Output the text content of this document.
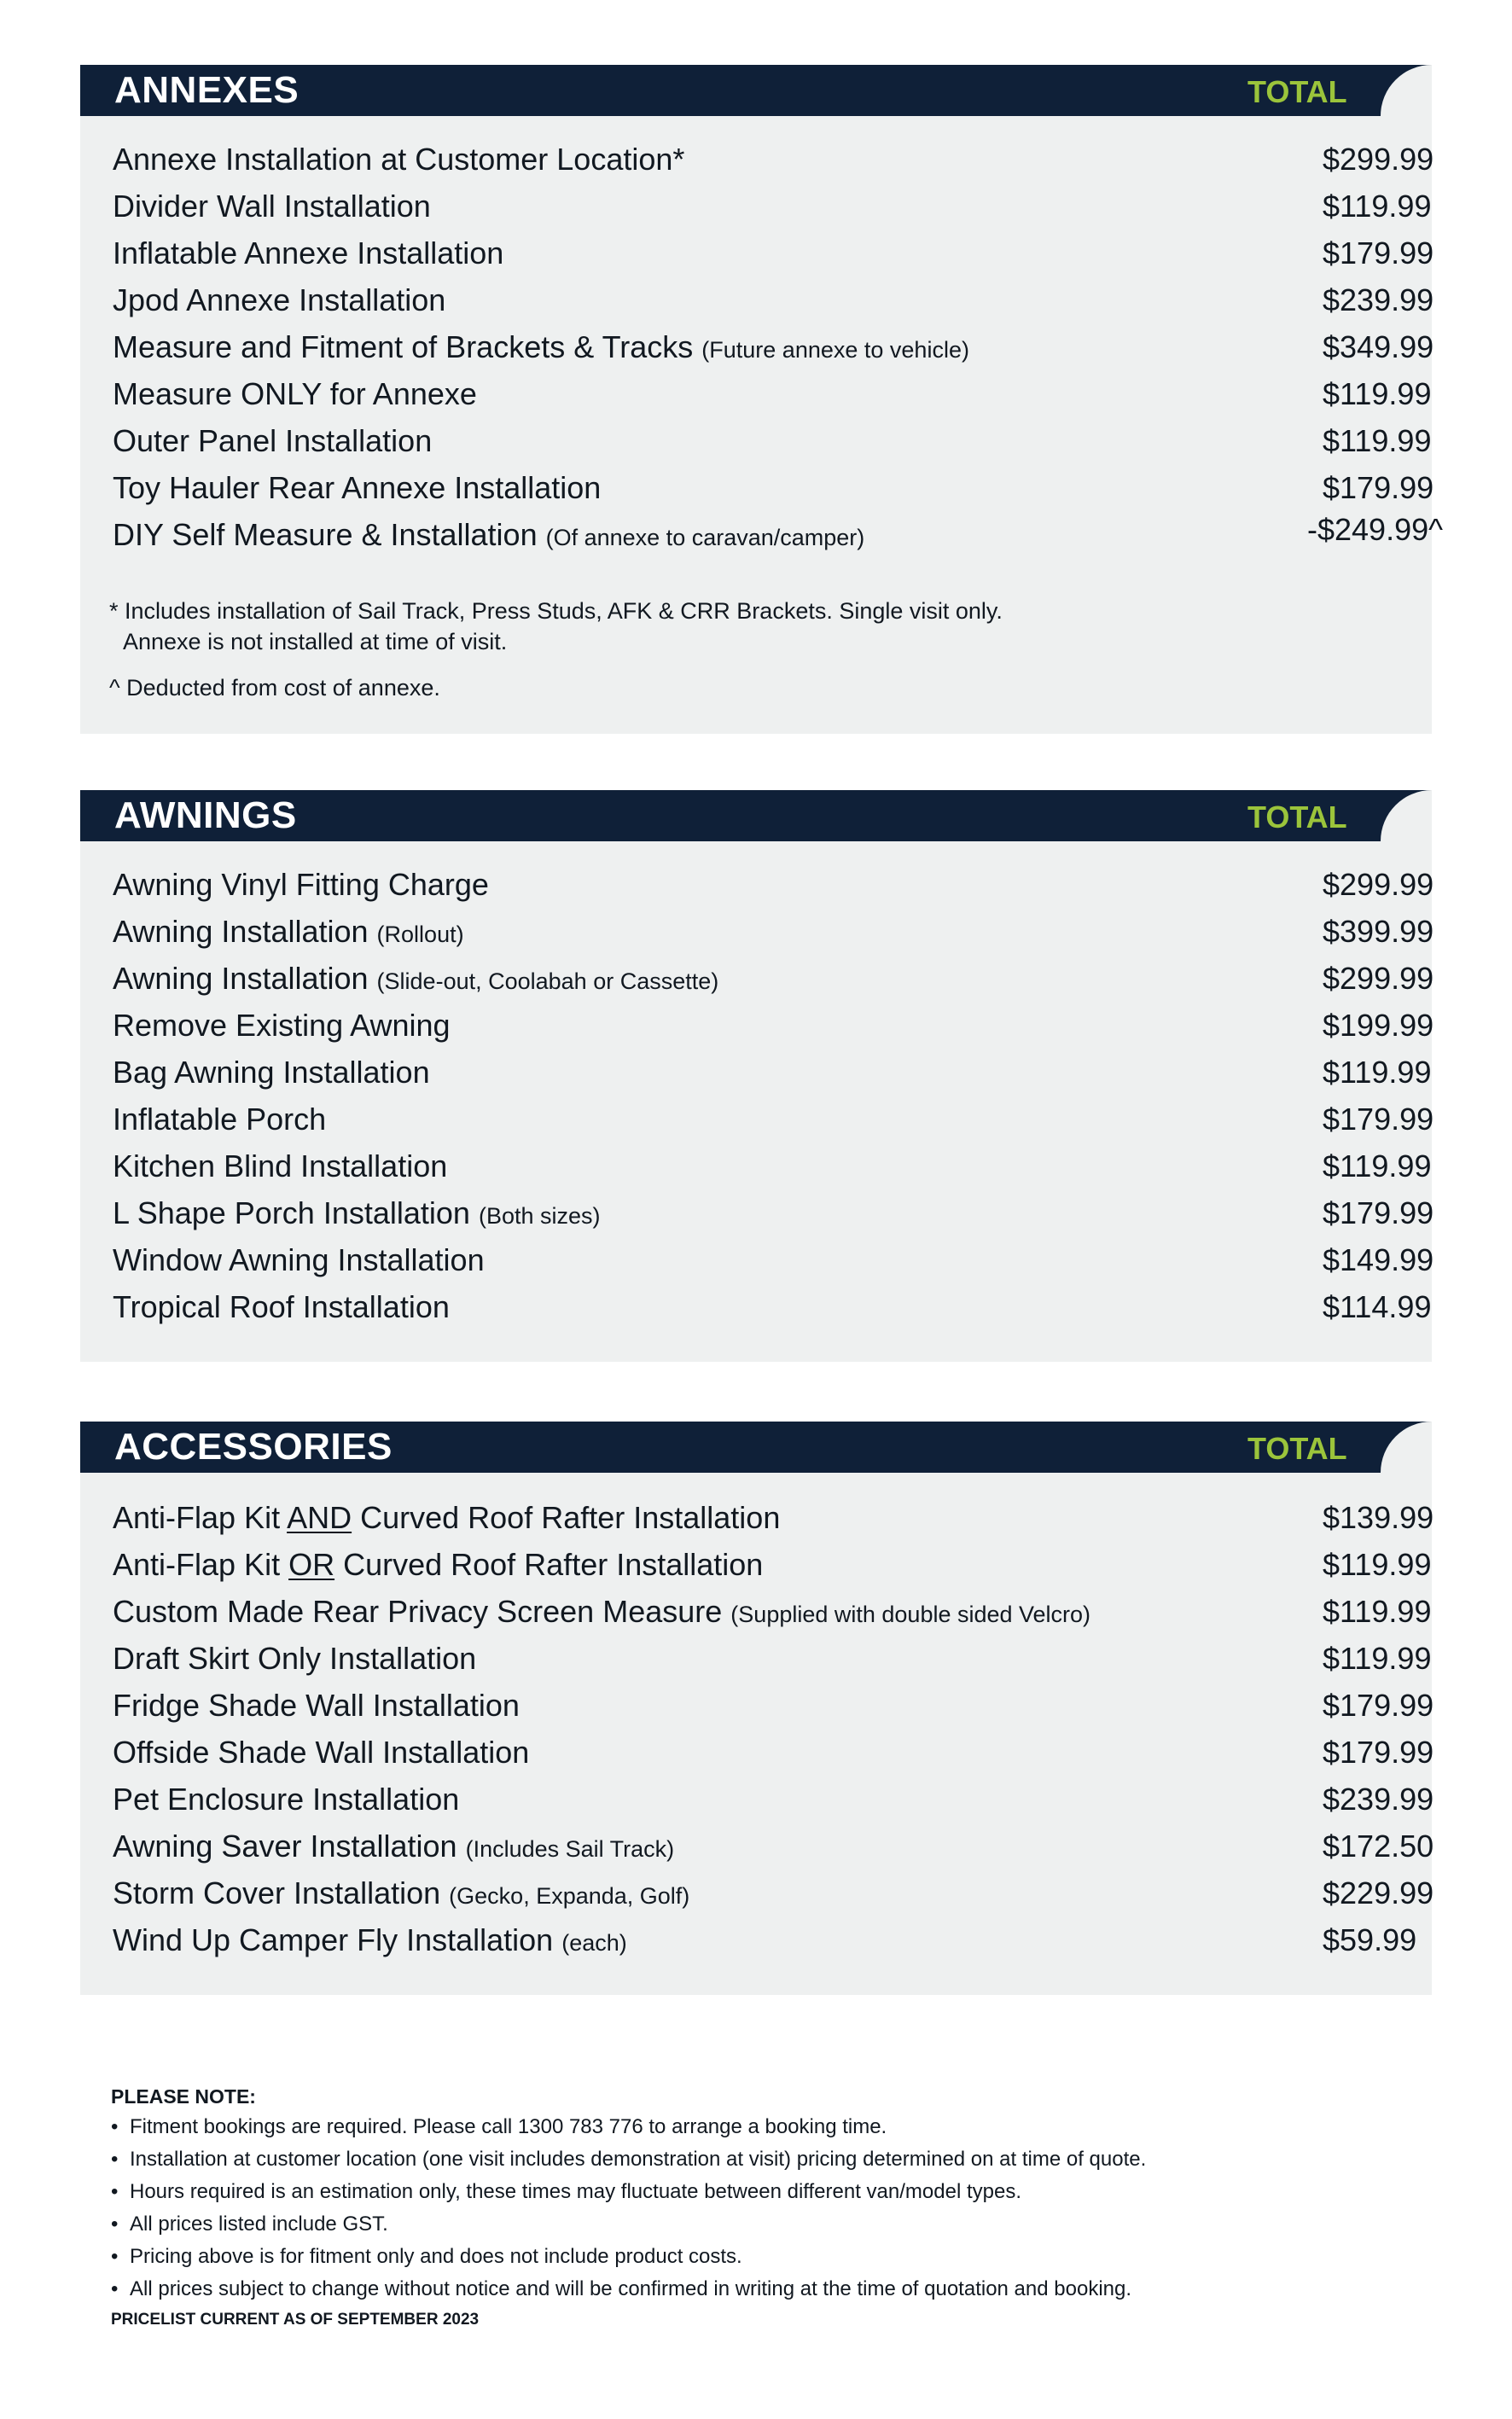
ANNEXES	TOTAL
Annexe Installation at Customer Location*	$299.99
Divider Wall Installation	$119.99
Inflatable Annexe Installation	$179.99
Jpod Annexe Installation	$239.99
Measure and Fitment of Brackets & Tracks (Future annexe to vehicle)	$349.99
Measure ONLY for Annexe	$119.99
Outer Panel Installation	$119.99
Toy Hauler Rear Annexe Installation	$179.99
DIY Self Measure & Installation (Of annexe to caravan/camper)	-$249.99^
* Includes installation of Sail Track, Press Studs, AFK & CRR Brackets. Single visit only.
Annexe is not installed at time of visit.
^ Deducted from cost of annexe.
AWNINGS	TOTAL
Awning Vinyl Fitting Charge	$299.99
Awning Installation (Rollout)	$399.99
Awning Installation (Slide-out, Coolabah or Cassette)	$299.99
Remove Existing Awning	$199.99
Bag Awning Installation	$119.99
Inflatable Porch	$179.99
Kitchen Blind Installation	$119.99
L Shape Porch Installation (Both sizes)	$179.99
Window Awning Installation	$149.99
Tropical Roof Installation	$114.99
ACCESSORIES	TOTAL
Anti-Flap Kit AND Curved Roof Rafter Installation	$139.99
Anti-Flap Kit OR Curved Roof Rafter Installation	$119.99
Custom Made Rear Privacy Screen Measure (Supplied with double sided Velcro)	$119.99
Draft Skirt Only Installation	$119.99
Fridge Shade Wall Installation	$179.99
Offside Shade Wall Installation	$179.99
Pet Enclosure Installation	$239.99
Awning Saver Installation (Includes Sail Track)	$172.50
Storm Cover Installation (Gecko, Expanda, Golf)	$229.99
Wind Up Camper Fly Installation (each)	$59.99
PLEASE NOTE:
• Fitment bookings are required. Please call 1300 783 776 to arrange a booking time.
• Installation at customer location (one visit includes demonstration at visit) pricing determined on at time of quote.
• Hours required is an estimation only, these times may fluctuate between different van/model types.
• All prices listed include GST.
• Pricing above is for fitment only and does not include product costs.
• All prices subject to change without notice and will be confirmed in writing at the time of quotation and booking.
PRICELIST CURRENT AS OF SEPTEMBER 2023
